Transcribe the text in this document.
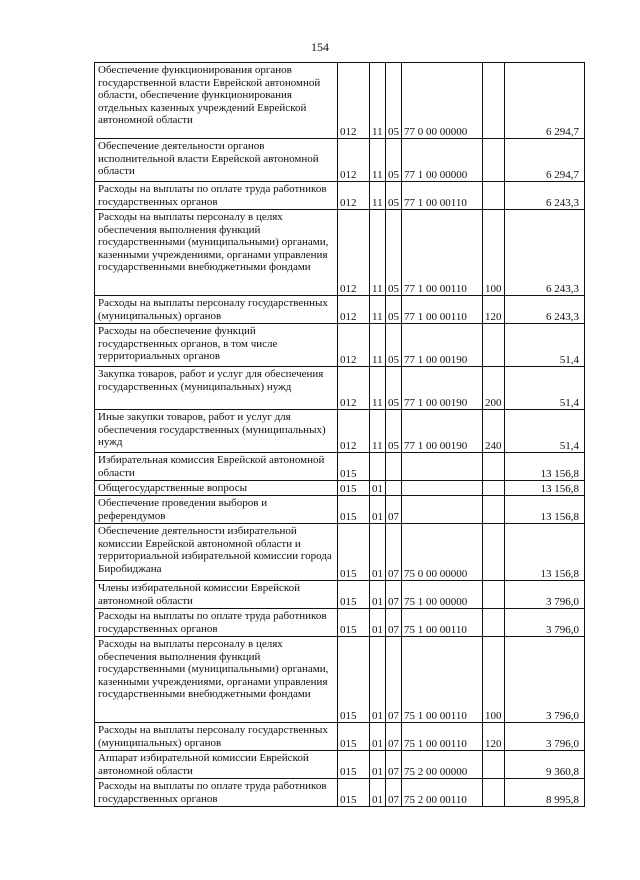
154
Обеспечение функционирования органов государственной власти Еврейской автономной области, обеспечение функционирования отдельных казенных учреждений Еврейской автономной области	012	11	05	77 0 00 00000		6 294,7
Обеспечение деятельности органов исполнительной власти Еврейской автономной области	012	11	05	77 1 00 00000		6 294,7
Расходы на выплаты по оплате труда работников государственных органов	012	11	05	77 1 00 00110		6 243,3
Расходы на выплаты персоналу в целях обеспечения выполнения функций государственными (муниципальными) органами, казенными учреждениями, органами управления государственными внебюджетными фондами	012	11	05	77 1 00 00110	100	6 243,3
Расходы на выплаты персоналу государственных (муниципальных) органов	012	11	05	77 1 00 00110	120	6 243,3
Расходы на обеспечение функций государственных органов, в том числе территориальных органов	012	11	05	77 1 00 00190		51,4
Закупка товаров, работ и услуг для обеспечения государственных (муниципальных) нужд	012	11	05	77 1 00 00190	200	51,4
Иные закупки товаров, работ и услуг для обеспечения государственных (муниципальных) нужд	012	11	05	77 1 00 00190	240	51,4
Избирательная комиссия Еврейской автономной области	015					13 156,8
Общегосударственные вопросы	015	01				13 156,8
Обеспечение проведения выборов и референдумов	015	01	07			13 156,8
Обеспечение деятельности избирательной комиссии Еврейской автономной области и территориальной избирательной комиссии города Биробиджана	015	01	07	75 0 00 00000		13 156,8
Члены избирательной комиссии Еврейской автономной области	015	01	07	75 1 00 00000		3 796,0
Расходы на выплаты по оплате труда работников государственных органов	015	01	07	75 1 00 00110		3 796,0
Расходы на выплаты персоналу в целях обеспечения выполнения функций государственными (муниципальными) органами, казенными учреждениями, органами управления государственными внебюджетными фондами	015	01	07	75 1 00 00110	100	3 796,0
Расходы на выплаты персоналу государственных (муниципальных) органов	015	01	07	75 1 00 00110	120	3 796,0
Аппарат избирательной комиссии Еврейской автономной области	015	01	07	75 2 00 00000		9 360,8
Расходы на выплаты по оплате труда работников государственных органов	015	01	07	75 2 00 00110		8 995,8
